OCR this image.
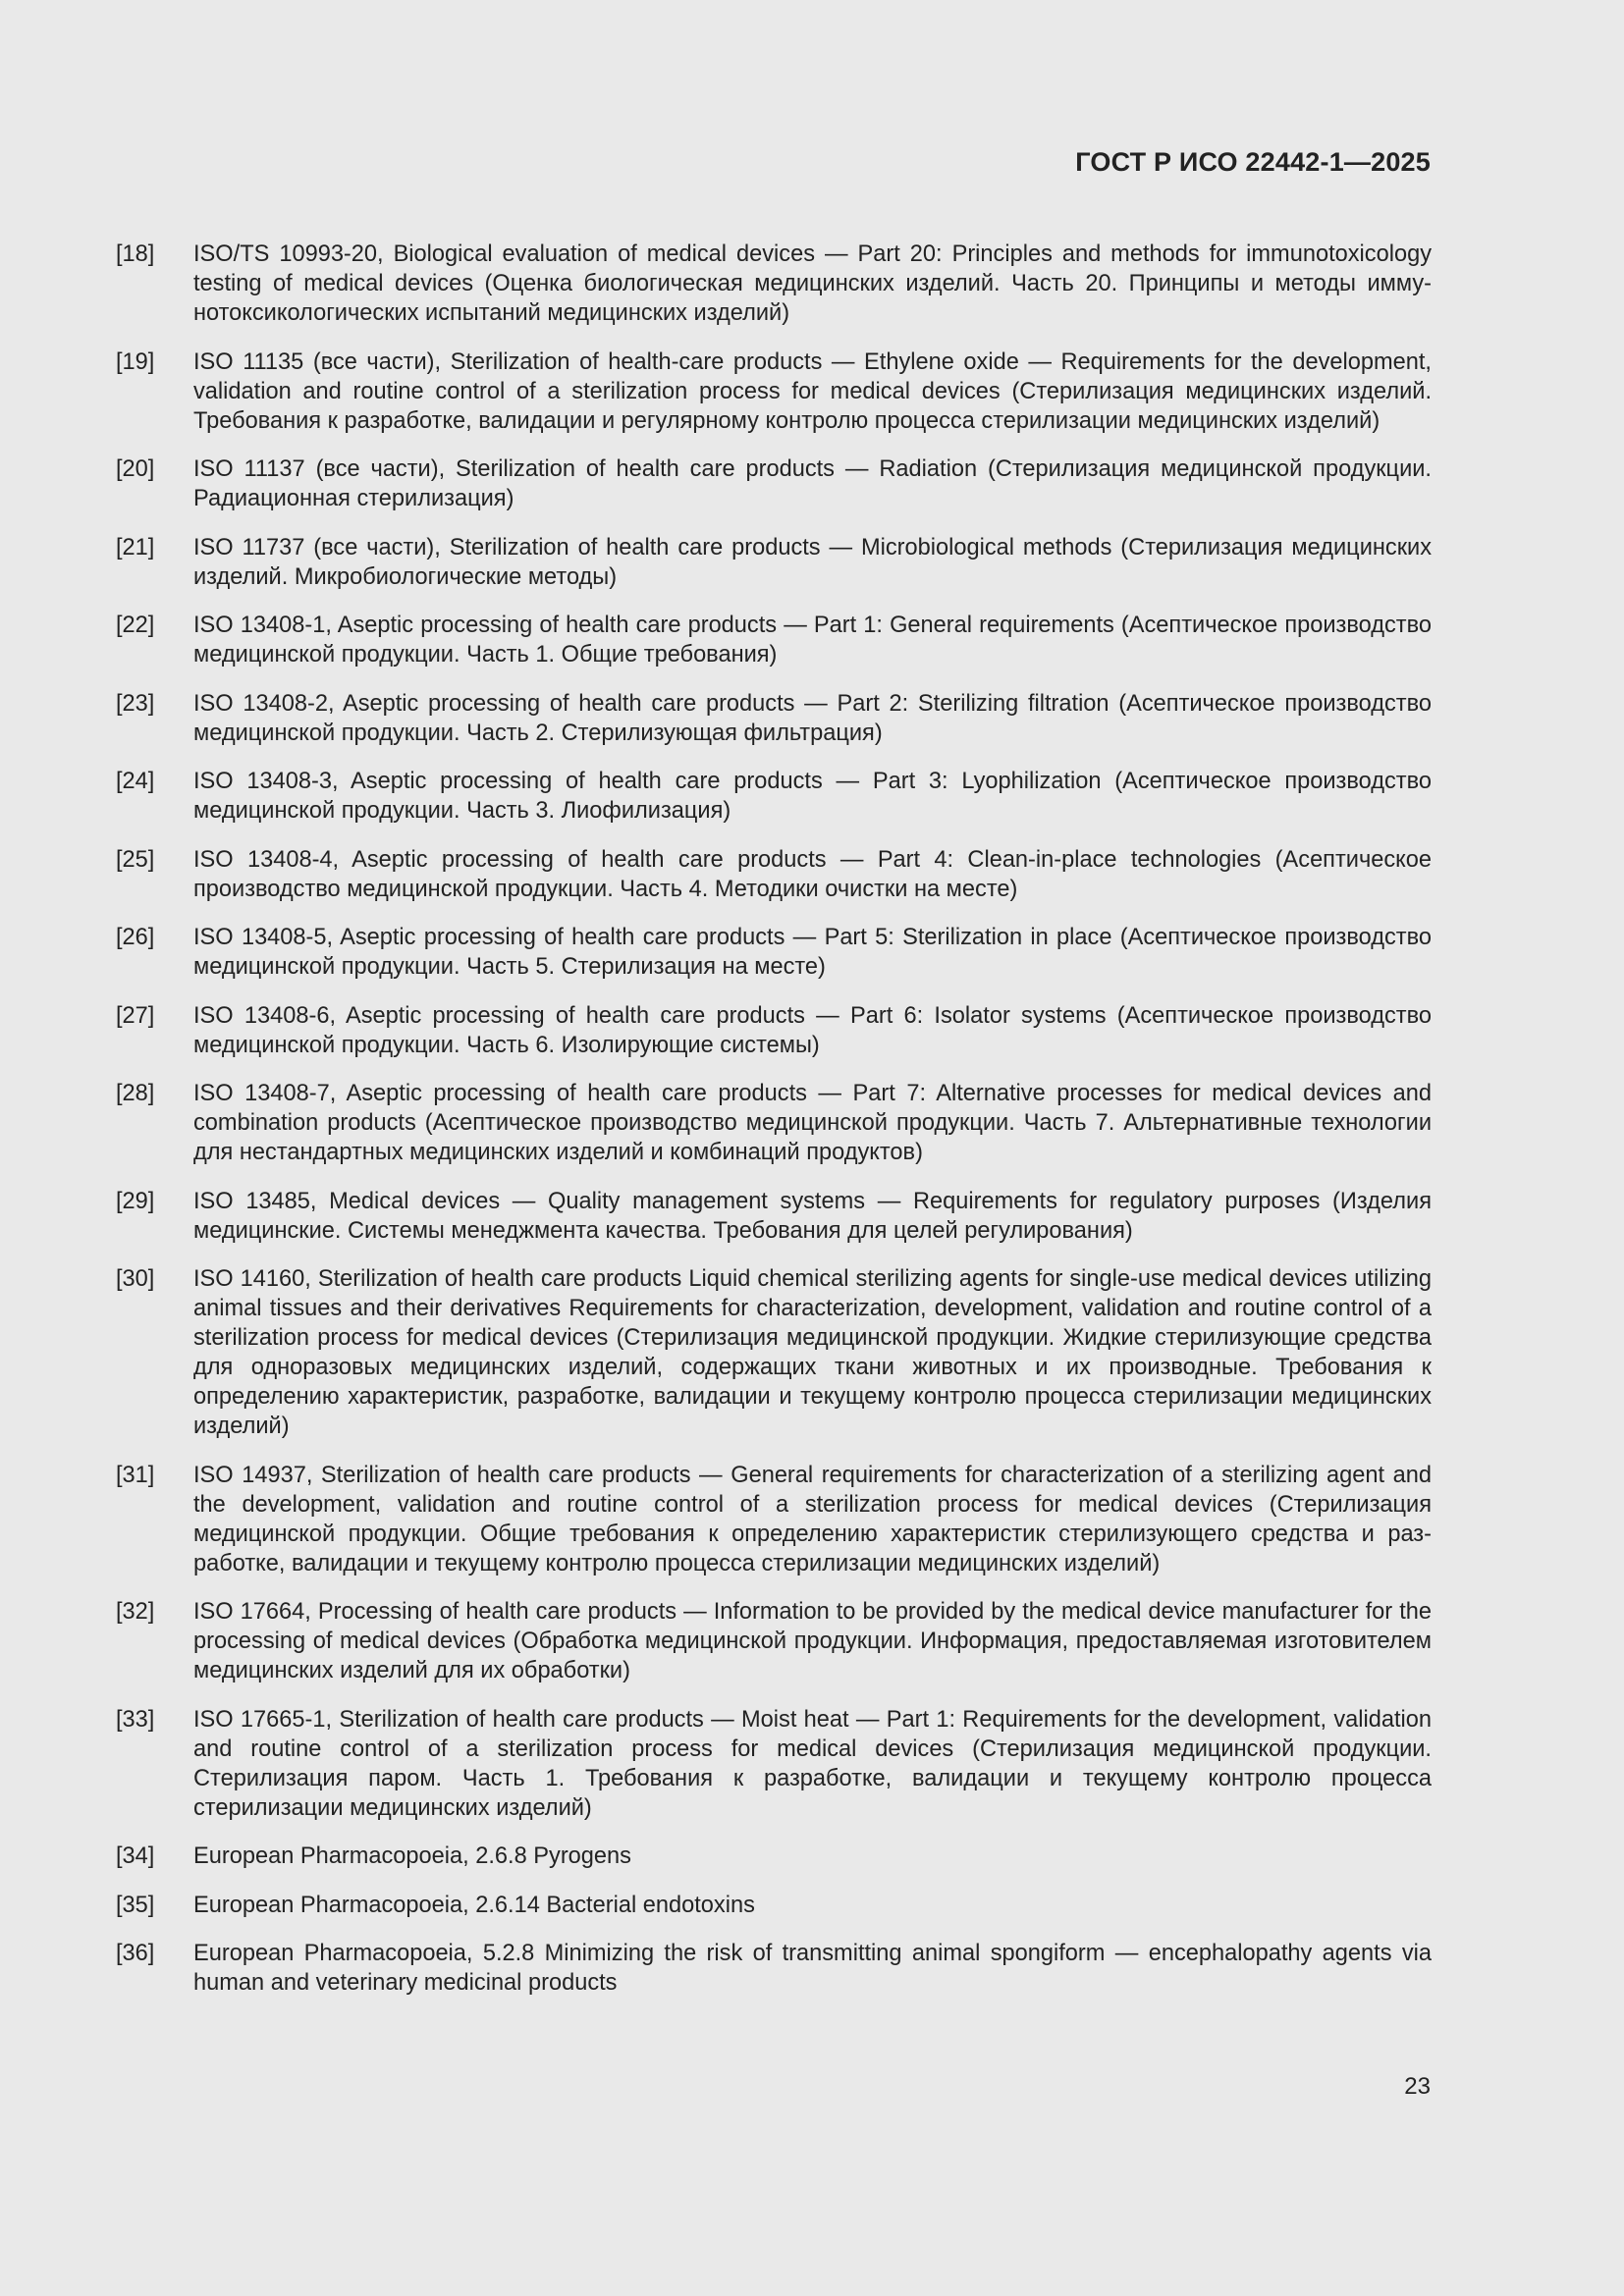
ГОСТ Р ИСО 22442-1—2025
[18]	ISO/TS 10993-20, Biological evaluation of medical devices — Part 20: Principles and methods for immunotoxicology testing of medical devices (Оценка биологическая медицинских изделий. Часть 20. Принципы и методы иммунотоксикологических испытаний медицинских изделий)
[19]	ISO 11135 (все части), Sterilization of health-care products — Ethylene oxide — Requirements for the development, validation and routine control of a sterilization process for medical devices (Стерилизация медицинских изделий. Требования к разработке, валидации и регулярному контролю процесса стерилизации медицинских изделий)
[20]	ISO 11137 (все части), Sterilization of health care products — Radiation (Стерилизация медицинской продукции. Радиационная стерилизация)
[21]	ISO 11737 (все части), Sterilization of health care products — Microbiological methods (Стерилизация медицинских изделий. Микробиологические методы)
[22]	ISO 13408-1, Aseptic processing of health care products — Part 1: General requirements (Асептическое производство медицинской продукции. Часть 1. Общие требования)
[23]	ISO 13408-2, Aseptic processing of health care products — Part 2: Sterilizing filtration (Асептическое производство медицинской продукции. Часть 2. Стерилизующая фильтрация)
[24]	ISO 13408-3, Aseptic processing of health care products — Part 3: Lyophilization (Асептическое производство медицинской продукции. Часть 3. Лиофилизация)
[25]	ISO 13408-4, Aseptic processing of health care products — Part 4: Clean-in-place technologies (Асептическое производство медицинской продукции. Часть 4. Методики очистки на месте)
[26]	ISO 13408-5, Aseptic processing of health care products — Part 5: Sterilization in place (Асептическое производство медицинской продукции. Часть 5. Стерилизация на месте)
[27]	ISO 13408-6, Aseptic processing of health care products — Part 6: Isolator systems (Асептическое производство медицинской продукции. Часть 6. Изолирующие системы)
[28]	ISO 13408-7, Aseptic processing of health care products — Part 7: Alternative processes for medical devices and combination products (Асептическое производство медицинской продукции. Часть 7. Альтернативные технологии для нестандартных медицинских изделий и комбинаций продуктов)
[29]	ISO 13485, Medical devices — Quality management systems — Requirements for regulatory purposes (Изделия медицинские. Системы менеджмента качества. Требования для целей регулирования)
[30]	ISO 14160, Sterilization of health care products Liquid chemical sterilizing agents for single-use medical devices utilizing animal tissues and their derivatives Requirements for characterization, development, validation and routine control of a sterilization process for medical devices (Стерилизация медицинской продукции. Жидкие стерилизующие средства для одноразовых медицинских изделий, содержащих ткани животных и их производные. Требования к определению характеристик, разработке, валидации и текущему контролю процесса стерилизации медицинских изделий)
[31]	ISO 14937, Sterilization of health care products — General requirements for characterization of a sterilizing agent and the development, validation and routine control of a sterilization process for medical devices (Стерилизация медицинской продукции. Общие требования к определению характеристик стерилизующего средства и разработке, валидации и текущему контролю процесса стерилизации медицинских изделий)
[32]	ISO 17664, Processing of health care products — Information to be provided by the medical device manufacturer for the processing of medical devices (Обработка медицинской продукции. Информация, предоставляемая изготовителем медицинских изделий для их обработки)
[33]	ISO 17665-1, Sterilization of health care products — Moist heat — Part 1: Requirements for the development, validation and routine control of a sterilization process for medical devices (Стерилизация медицинской продукции. Стерилизация паром. Часть 1. Требования к разработке, валидации и текущему контролю процесса стерилизации медицинских изделий)
[34]	European Pharmacopoeia, 2.6.8 Pyrogens
[35]	European Pharmacopoeia, 2.6.14 Bacterial endotoxins
[36]	European Pharmacopoeia, 5.2.8 Minimizing the risk of transmitting animal spongiform — encephalopathy agents via human and veterinary medicinal products
23
